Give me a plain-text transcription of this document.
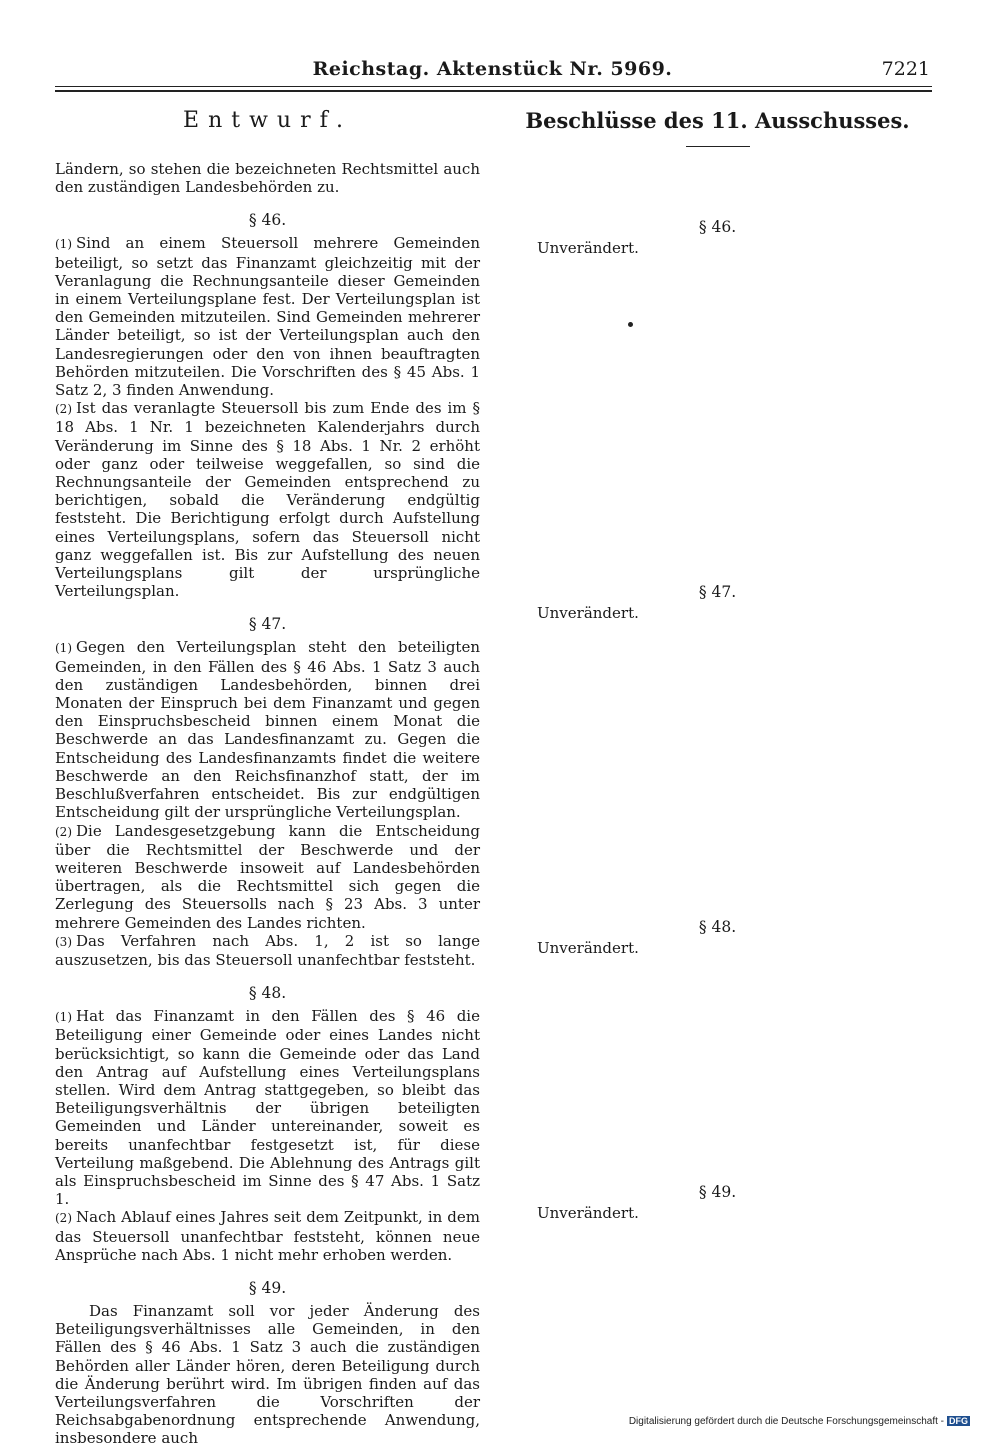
Reichstag. Aktenstück Nr. 5969.	7221
Entwurf.

Ländern, so stehen die bezeichneten Rechtsmittel auch den zuständigen Landesbehörden zu.

§ 46.

(1) Sind an einem Steuersoll mehrere Gemeinden beteiligt, so setzt das Finanzamt gleichzeitig mit der Veranlagung die Rechnungsanteile dieser Gemeinden in einem Verteilungsplane fest. Der Verteilungsplan ist den Gemeinden mitzuteilen. Sind Gemeinden mehrerer Länder beteiligt, so ist der Verteilungsplan auch den Landesregierungen oder den von ihnen beauftragten Behörden mitzuteilen. Die Vorschriften des § 45 Abs. 1 Satz 2, 3 finden Anwendung.

(2) Ist das veranlagte Steuersoll bis zum Ende des im § 18 Abs. 1 Nr. 1 bezeichneten Kalenderjahrs durch Veränderung im Sinne des § 18 Abs. 1 Nr. 2 erhöht oder ganz oder teilweise weggefallen, so sind die Rechnungsanteile der Gemeinden entsprechend zu berichtigen, sobald die Veränderung endgültig feststeht. Die Berichtigung erfolgt durch Aufstellung eines Verteilungsplans, sofern das Steuersoll nicht ganz weggefallen ist. Bis zur Aufstellung des neuen Verteilungsplans gilt der ursprüngliche Verteilungsplan.

§ 47.

(1) Gegen den Verteilungsplan steht den beteiligten Gemeinden, in den Fällen des § 46 Abs. 1 Satz 3 auch den zuständigen Landesbehörden, binnen drei Monaten der Einspruch bei dem Finanzamt und gegen den Einspruchsbescheid binnen einem Monat die Beschwerde an das Landesfinanzamt zu. Gegen die Entscheidung des Landesfinanzamts findet die weitere Beschwerde an den Reichsfinanzhof statt, der im Beschlußverfahren entscheidet. Bis zur endgültigen Entscheidung gilt der ursprüngliche Verteilungsplan.

(2) Die Landesgesetzgebung kann die Entscheidung über die Rechtsmittel der Beschwerde und der weiteren Beschwerde insoweit auf Landesbehörden übertragen, als die Rechtsmittel sich gegen die Zerlegung des Steuersolls nach § 23 Abs. 3 unter mehrere Gemeinden des Landes richten.

(3) Das Verfahren nach Abs. 1, 2 ist so lange auszusetzen, bis das Steuersoll unanfechtbar feststeht.

§ 48.

(1) Hat das Finanzamt in den Fällen des § 46 die Beteiligung einer Gemeinde oder eines Landes nicht berücksichtigt, so kann die Gemeinde oder das Land den Antrag auf Aufstellung eines Verteilungsplans stellen. Wird dem Antrag stattgegeben, so bleibt das Beteiligungsverhältnis der übrigen beteiligten Gemeinden und Länder untereinander, soweit es bereits unanfechtbar festgesetzt ist, für diese Verteilung maßgebend. Die Ablehnung des Antrags gilt als Einspruchsbescheid im Sinne des § 47 Abs. 1 Satz 1.

(2) Nach Ablauf eines Jahres seit dem Zeitpunkt, in dem das Steuersoll unanfechtbar feststeht, können neue Ansprüche nach Abs. 1 nicht mehr erhoben werden.

§ 49.

Das Finanzamt soll vor jeder Änderung des Beteiligungsverhältnisses alle Gemeinden, in den Fällen des § 46 Abs. 1 Satz 3 auch die zuständigen Behörden aller Länder hören, deren Beteiligung durch die Änderung berührt wird. Im übrigen finden auf das Verteilungsverfahren die Vorschriften der Reichsabgabenordnung entsprechende Anwendung, insbesondere auch

Beschlüsse des 11. Ausschusses.
§ 46.
Unverändert.
§ 47.
Unverändert.
§ 48.
Unverändert.
§ 49.
Unverändert.
Digitalisierung gefördert durch die Deutsche Forschungsgemeinschaft - DFG
